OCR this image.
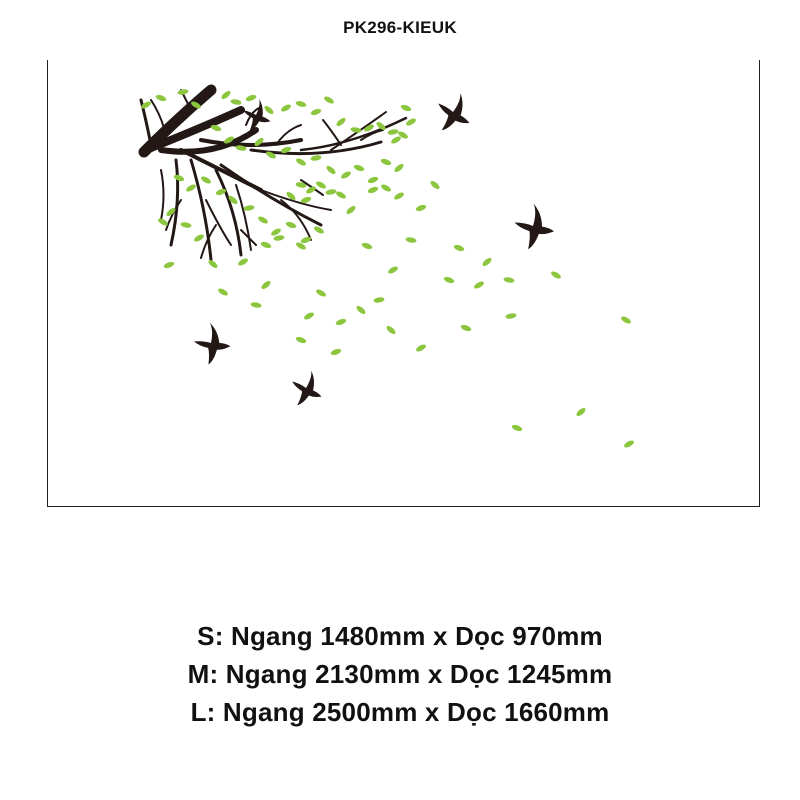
PK296-KIEUK
S: Ngang 1480mm x Dọc 970mm
M: Ngang 2130mm x Dọc 1245mm
L: Ngang 2500mm x Dọc 1660mm
